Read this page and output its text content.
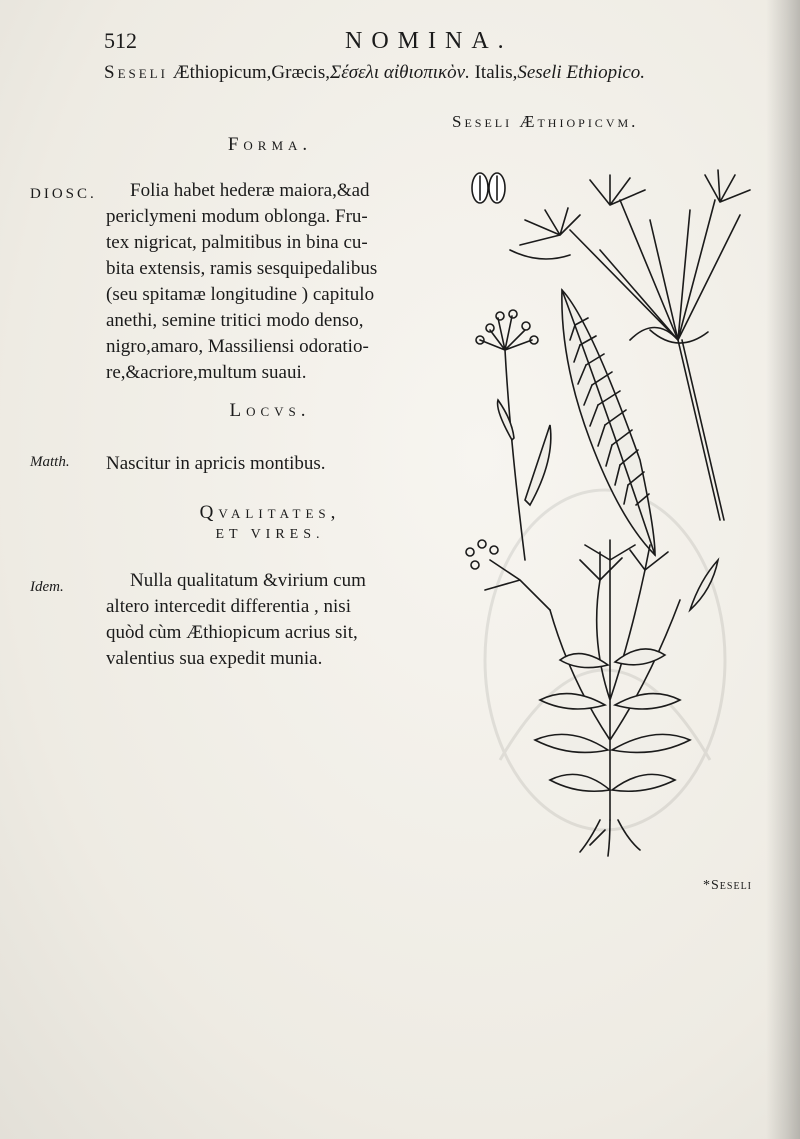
512	NOMINA.
Seseli Æthiopicum,Græcis,Σέσελι αἰθιοπικὸν. Italis,Seseli Ethiopico.
Seseli Æthiopicvm.
Forma.
DIOSC.	Folia habet hederæ maiora,&ad
periclymeni modum oblonga. Fru-
tex nigricat, palmitibus in bina cu-
bita extensis, ramis sesquipedalibus
(seu spitamæ longitudine ) capitulo
anethi, semine tritici modo denso,
nigro,amaro, Massiliensi odoratio-
re,&acriore,multum suaui.
Locvs.
Matth. Nascitur in apricis montibus.
Qvalitates,
ET VIRES.
Idem.	Nulla qualitatum &virium cum
altero intercedit differentia , nisi
quòd cùm Æthiopicum acrius sit,
valentius sua expedit munia.
*Seseli
